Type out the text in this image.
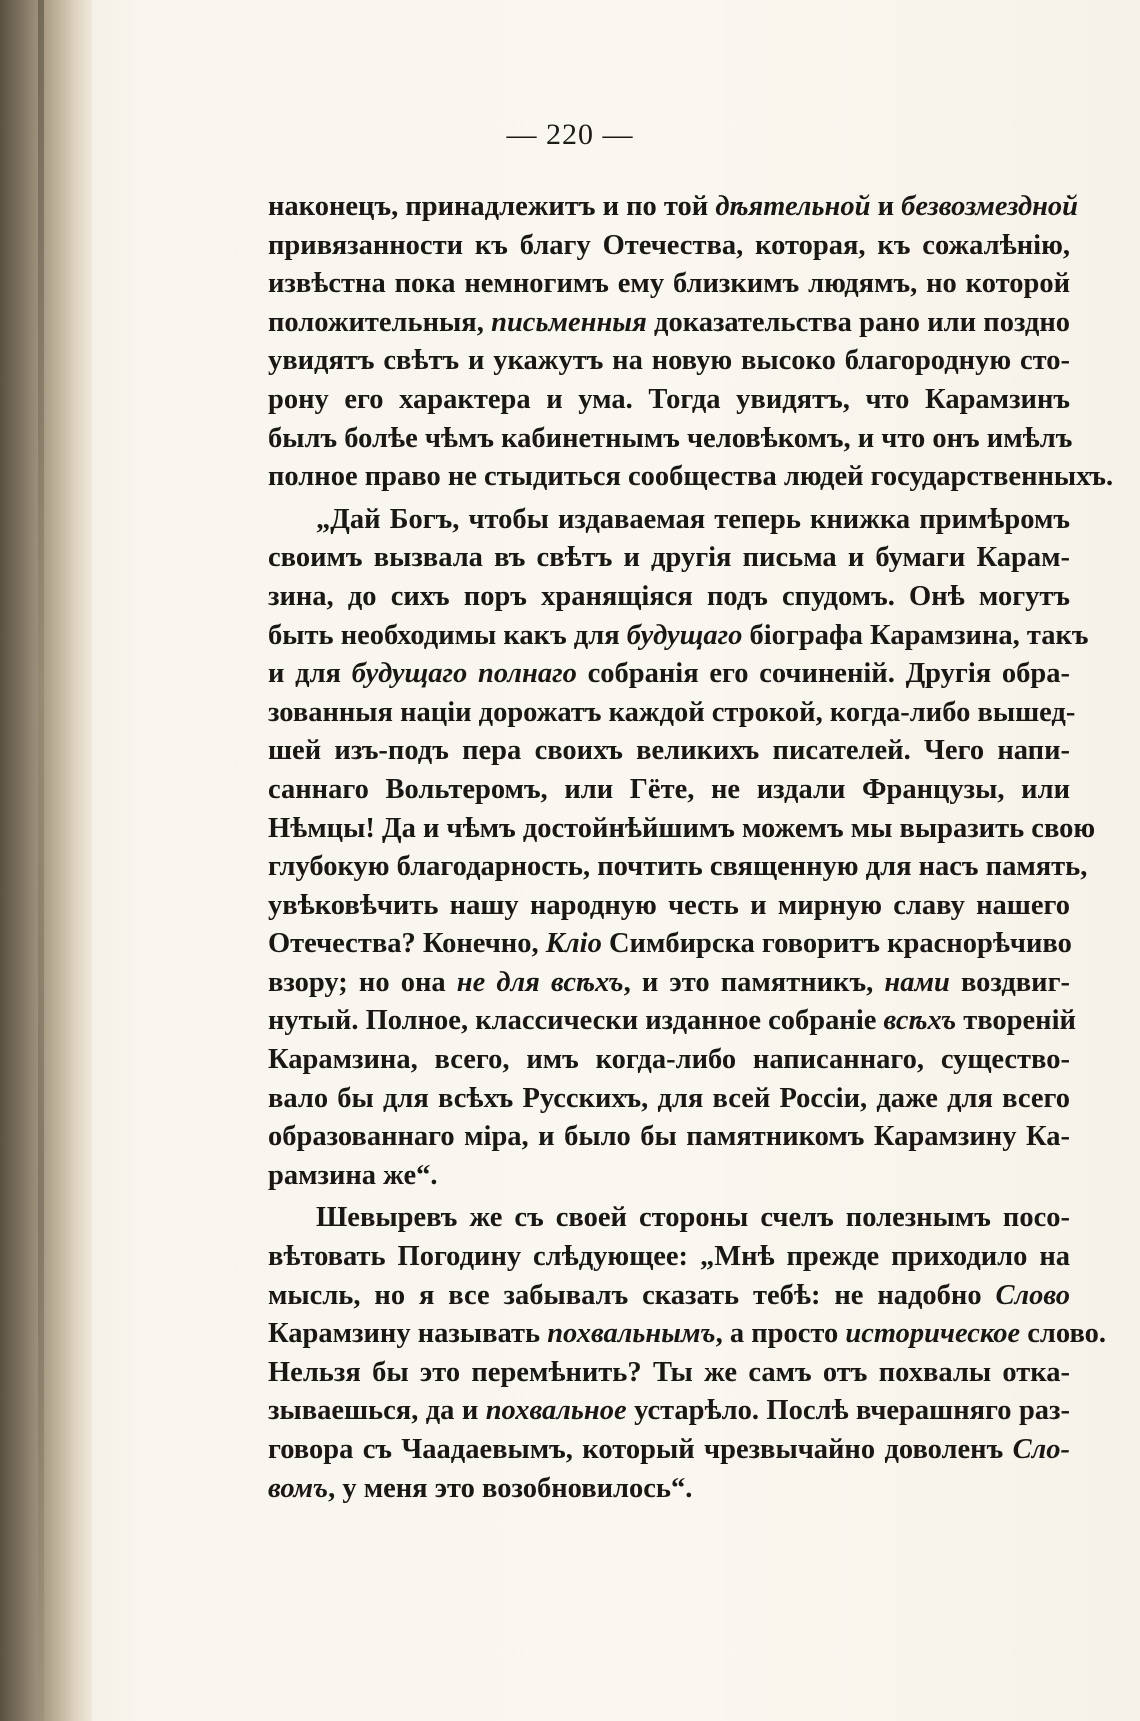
— 220 —
наконецъ, принадлежитъ и по той дѣятельной и безвозмездной
привязанности къ благу Отечества, которая, къ сожалѣнію,
извѣстна пока немногимъ ему близкимъ людямъ, но которой
положительныя, письменныя доказательства рано или поздно
увидятъ свѣтъ и укажутъ на новую высоко благородную сто-
рону его характера и ума. Тогда увидятъ, что Карамзинъ
былъ болѣе чѣмъ кабинетнымъ человѣкомъ, и что онъ имѣлъ
полное право не стыдиться сообщества людей государственныхъ.
„Дай Богъ, чтобы издаваемая теперь книжка примѣромъ
своимъ вызвала въ свѣтъ и другія письма и бумаги Карам-
зина, до сихъ поръ хранящіяся подъ спудомъ. Онѣ могутъ
быть необходимы какъ для будущаго біографа Карамзина, такъ
и для будущаго полнаго собранія его сочиненій. Другія обра-
зованныя націи дорожатъ каждой строкой, когда-либо вышед-
шей изъ-подъ пера своихъ великихъ писателей. Чего напи-
саннаго Вольтеромъ, или Гёте, не издали Французы, или
Нѣмцы! Да и чѣмъ достойнѣйшимъ можемъ мы выразить свою
глубокую благодарность, почтить священную для насъ память,
увѣковѣчить нашу народную честь и мирную славу нашего
Отечества? Конечно, Кліо Симбирска говоритъ краснорѣчиво
взору; но она не для всѣхъ, и это памятникъ, нами воздвиг-
нутый. Полное, классически изданное собраніе всѣхъ твореній
Карамзина, всего, имъ когда-либо написаннаго, существо-
вало бы для всѣхъ Русскихъ, для всей Россіи, даже для всего
образованнаго міра, и было бы памятникомъ Карамзину Ка-
рамзина же“.
Шевыревъ же съ своей стороны счелъ полезнымъ посо-
вѣтовать Погодину слѣдующее: „Мнѣ прежде приходило на
мысль, но я все забывалъ сказать тебѣ: не надобно Слово
Карамзину называть похвальнымъ, а просто историческое слово.
Нельзя бы это перемѣнить? Ты же самъ отъ похвалы отка-
зываешься, да и похвальное устарѣло. Послѣ вчерашняго раз-
говора съ Чаадаевымъ, который чрезвычайно доволенъ Сло-
вомъ, у меня это возобновилось“.
